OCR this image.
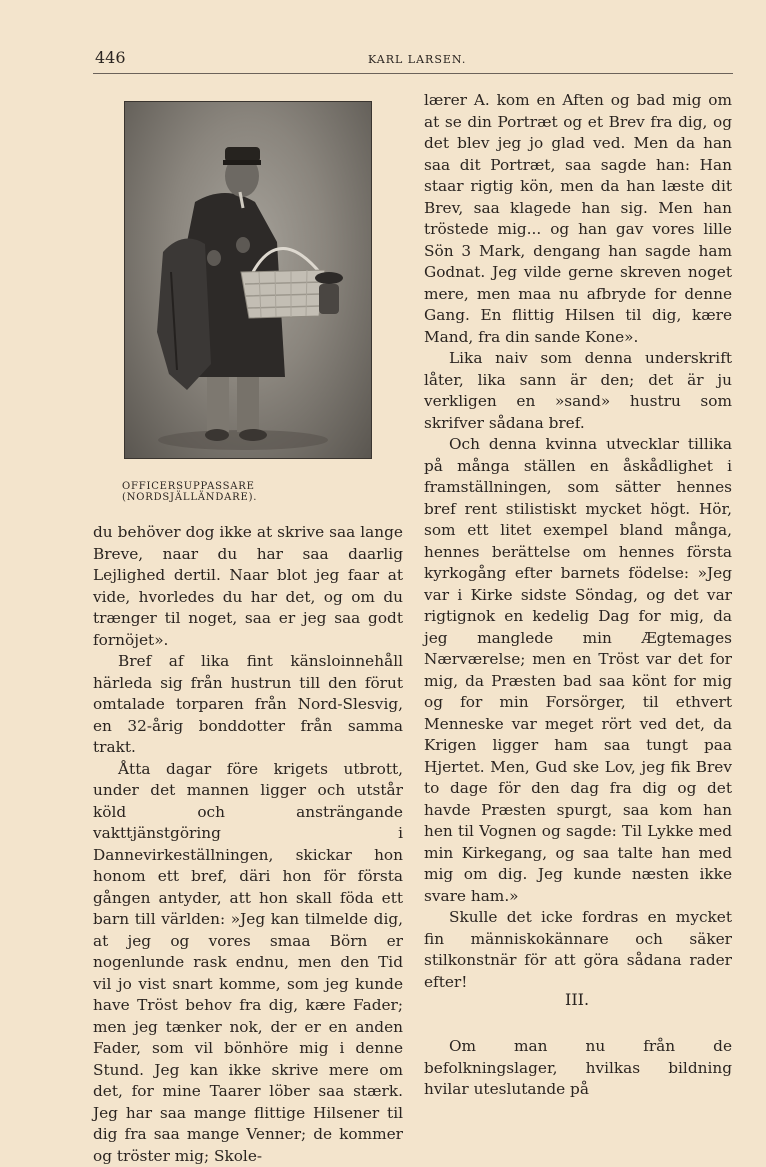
446	KARL LARSEN.
OFFICERSUPPASSARE (NORDSJÄLLÄNDARE).

du behöver dog ikke at skrive saa lange Breve, naar du har saa daarlig Lejlighed dertil. Naar blot jeg faar at vide, hvorledes du har det, og om du trænger til noget, saa er jeg saa godt fornöjet».

Bref af lika fint känsloinnehåll härleda sig från hustrun till den förut omtalade torparen från Nord-Slesvig, en 32-årig bonddotter från samma trakt.

Åtta dagar före krigets utbrott, under det mannen ligger och utstår köld och ansträngande vakttjänstgöring i Dannevirkeställningen, skickar hon honom ett bref, däri hon för första gången antyder, att hon skall föda ett barn till världen: »Jeg kan tilmelde dig, at jeg og vores smaa Börn er nogenlunde rask endnu, men den Tid vil jo vist snart komme, som jeg kunde have Tröst behov fra dig, kære Fader; men jeg tænker nok, der er en anden Fader, som vil bönhöre mig i denne Stund. Jeg kan ikke skrive mere om det, for mine Taarer löber saa stærk. Jeg har saa mange flittige Hilsener til dig fra saa mange Venner; de kommer og tröster mig; Skole-

lærer A. kom en Aften og bad mig om at se din Portræt og et Brev fra dig, og det blev jeg jo glad ved. Men da han saa dit Portræt, saa sagde han: Han staar rigtig kön, men da han læste dit Brev, saa klagede han sig. Men han tröstede mig... og han gav vores lille Sön 3 Mark, dengang han sagde ham Godnat. Jeg vilde gerne skreven noget mere, men maa nu afbryde for denne Gang. En flittig Hilsen til dig, kære Mand, fra din sande Kone».

Lika naiv som denna underskrift låter, lika sann är den; det är ju verkligen en »sand» hustru som skrifver sådana bref.

Och denna kvinna utvecklar tillika på många ställen en åskådlighet i framställningen, som sätter hennes bref rent stilistiskt mycket högt. Hör, som ett litet exempel bland många, hennes berättelse om hennes första kyrkogång efter barnets födelse: »Jeg var i Kirke sidste Söndag, og det var rigtignok en kedelig Dag for mig, da jeg manglede min Ægtemages Nærværelse; men en Tröst var det for mig, da Præsten bad saa könt for mig og for min Forsörger, til ethvert Menneske var meget rört ved det, da Krigen ligger ham saa tungt paa Hjertet. Men, Gud ske Lov, jeg fik Brev to dage för den dag fra dig og det havde Præsten spurgt, saa kom han hen til Vognen og sagde: Til Lykke med min Kirkegang, og saa talte han med mig om dig. Jeg kunde næsten ikke svare ham.»

Skulle det icke fordras en mycket fin människokännare och säker stilkonstnär för att göra sådana rader efter!

III.

Om man nu från de befolkningslager, hvilkas bildning hvilar uteslutande på
